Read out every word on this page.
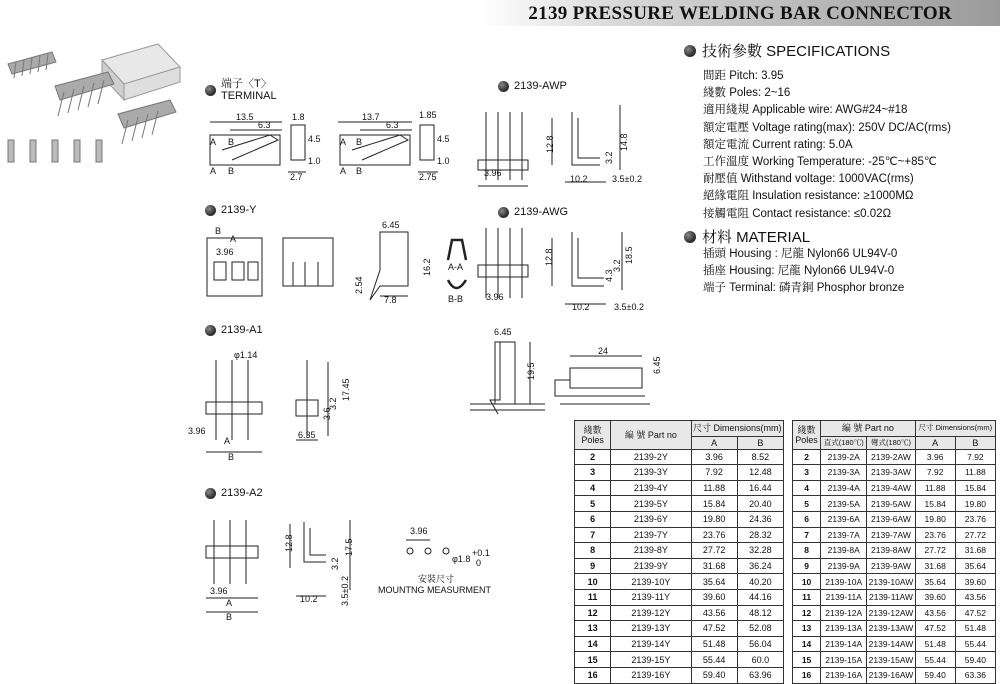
2139 PRESSURE WELDING BAR CONNECTOR
13.5
6.3
1.8
4.5
1.0
2.7
A B
A B
13.7
6.3
1.85
4.5
1.0
2.75
A B
A B
12.8
3.2
14.8
3.96
10.2	3.5±0.2
B
A
3.96
6.45
16.2
2.54
7.8
A-A
B-B
12.8
4.3
3.2
18.5
3.96
10.2	3.5±0.2
φ1.14
3.96
A
B
3.6
3.2
17.45
6.35
6.45
19.5
24
6.45
12.8
3.2
17.5
3.96
A
B
10.2 3.5±0.2
3.96
φ1.8
+0.1
0
安裝尺寸
MOUNTNG MEASURMENT
端子〈T〉
TERMINAL
2139-AWP
2139-Y	2139-AWG
2139-A1
2139-A2
技術參數 SPECIFICATIONS
間距 Pitch: 3.95
綫數 Poles: 2~16
適用綫規 Applicable wire: AWG#24~#18
額定電壓 Voltage rating(max): 250V DC/AC(rms)
額定電流 Current rating: 5.0A
工作溫度 Working Temperature: -25℃~+85℃
耐壓值 Withstand voltage: 1000VAC(rms)
絕緣電阻 Insulation resistance: ≥1000MΩ
接觸電阻 Contact resistance: ≤0.02Ω
材料 MATERIAL
插頭 Housing : 尼龍 Nylon66 UL94V-0
插座 Housing: 尼龍 Nylon66 UL94V-0
端子 Terminal: 磷青銅 Phosphor bronze
綫數
Poles	編 號 Part no	尺寸 Dimensions(mm)	
		A	B
2	2139-2Y	3.96	8.52
3	2139-3Y	7.92	12.48
4	2139-4Y	11.88	16.44
5	2139-5Y	15.84	20.40
6	2139-6Y	19.80	24.36
7	2139-7Y	23.76	28.32
8	2139-8Y	27.72	32.28
9	2139-9Y	31.68	36.24
10	2139-10Y	35.64	40.20
11	2139-11Y	39.60	44.16
12	2139-12Y	43.56	48.12
13	2139-13Y	47.52	52.08
14	2139-14Y	51.48	56.04
15	2139-15Y	55.44	60.0
16	2139-16Y	59.40	63.96
綫數
Poles	編 號 Part no		尺寸 Dimensions(mm)	
	直式(180℃)	彎式(180℃)	A	B
2	2139-2A	2139-2AW	3.96	7.92
3	2139-3A	2139-3AW	7.92	11.88
4	2139-4A	2139-4AW	11.88	15.84
5	2139-5A	2139-5AW	15.84	19.80
6	2139-6A	2139-6AW	19.80	23.76
7	2139-7A	2139-7AW	23.76	27.72
8	2139-8A	2139-8AW	27.72	31.68
9	2139-9A	2139-9AW	31.68	35.64
10	2139-10A	2139-10AW	35.64	39.60
11	2139-11A	2139-11AW	39.60	43.56
12	2139-12A	2139-12AW	43.56	47.52
13	2139-13A	2139-13AW	47.52	51.48
14	2139-14A	2139-14AW	51.48	55.44
15	2139-15A	2139-15AW	55.44	59.40
16	2139-16A	2139-16AW	59.40	63.36
